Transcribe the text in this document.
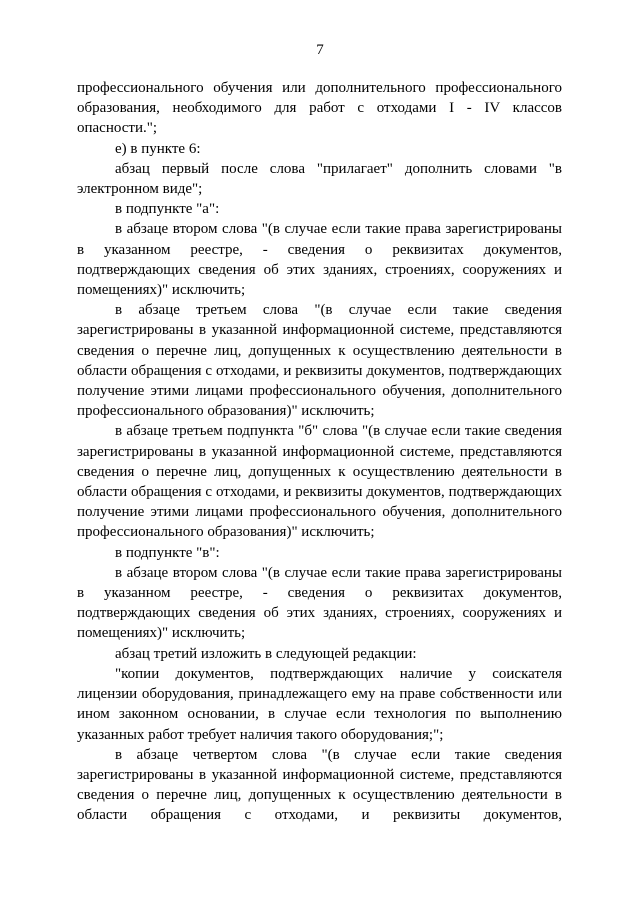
7

профессионального обучения или дополнительного профессионального образования, необходимого для работ с отходами I - IV классов опасности.";

е) в пункте 6:

абзац первый после слова "прилагает" дополнить словами "в электронном виде";

в подпункте "а":

в абзаце втором слова "(в случае если такие права зарегистрированы в указанном реестре, - сведения о реквизитах документов, подтверждающих сведения об этих зданиях, строениях, сооружениях и помещениях)" исключить;

в абзаце третьем слова "(в случае если такие сведения зарегистрированы в указанной информационной системе, представляются сведения о перечне лиц, допущенных к осуществлению деятельности в области обращения с отходами, и реквизиты документов, подтверждающих получение этими лицами профессионального обучения, дополнительного профессионального образования)" исключить;

в абзаце третьем подпункта "б" слова "(в случае если такие сведения зарегистрированы в указанной информационной системе, представляются сведения о перечне лиц, допущенных к осуществлению деятельности в области обращения с отходами, и реквизиты документов, подтверждающих получение этими лицами профессионального обучения, дополнительного профессионального образования)" исключить;

в подпункте "в":

в абзаце втором слова "(в случае если такие права зарегистрированы в указанном реестре, - сведения о реквизитах документов, подтверждающих сведения об этих зданиях, строениях, сооружениях и помещениях)" исключить;

абзац третий изложить в следующей редакции:

"копии документов, подтверждающих наличие у соискателя лицензии оборудования, принадлежащего ему на праве собственности или ином законном основании, в случае если технология по выполнению указанных работ требует наличия такого оборудования;";

в абзаце четвертом слова "(в случае если такие сведения зарегистрированы в указанной информационной системе, представляются сведения о перечне лиц, допущенных к осуществлению деятельности в области обращения с отходами, и реквизиты документов,
